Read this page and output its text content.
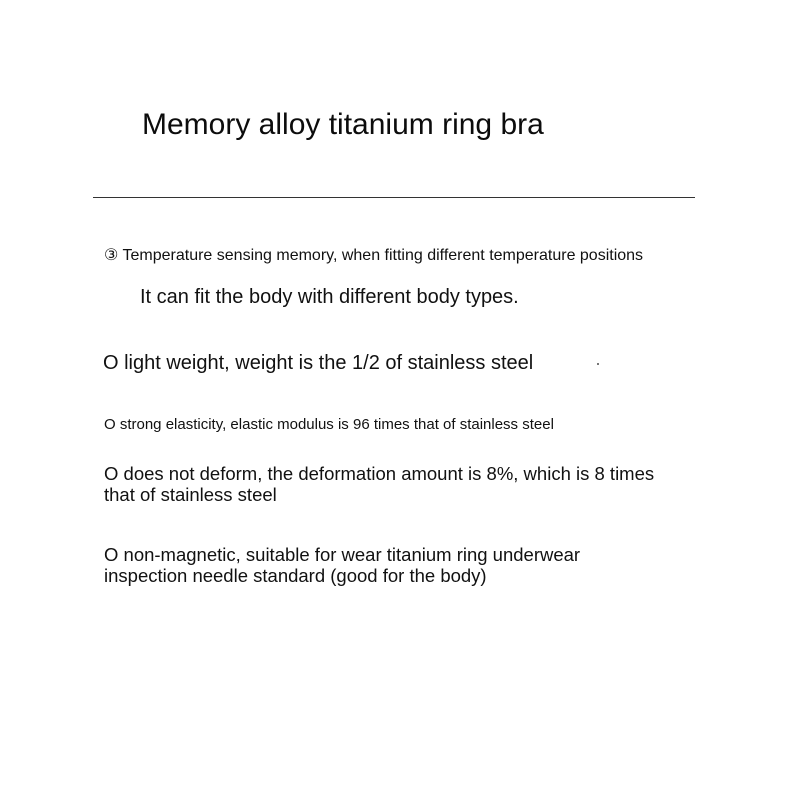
Memory alloy titanium ring bra
③ Temperature sensing memory, when fitting different temperature positions
It can fit the body with different body types.
O light weight, weight is the 1/2 of stainless steel
O strong elasticity, elastic modulus is 96 times that of stainless steel
O does not deform, the deformation amount is 8%, which is 8 times
that of stainless steel
O non-magnetic, suitable for wear titanium ring underwear
inspection needle standard (good for the body)
